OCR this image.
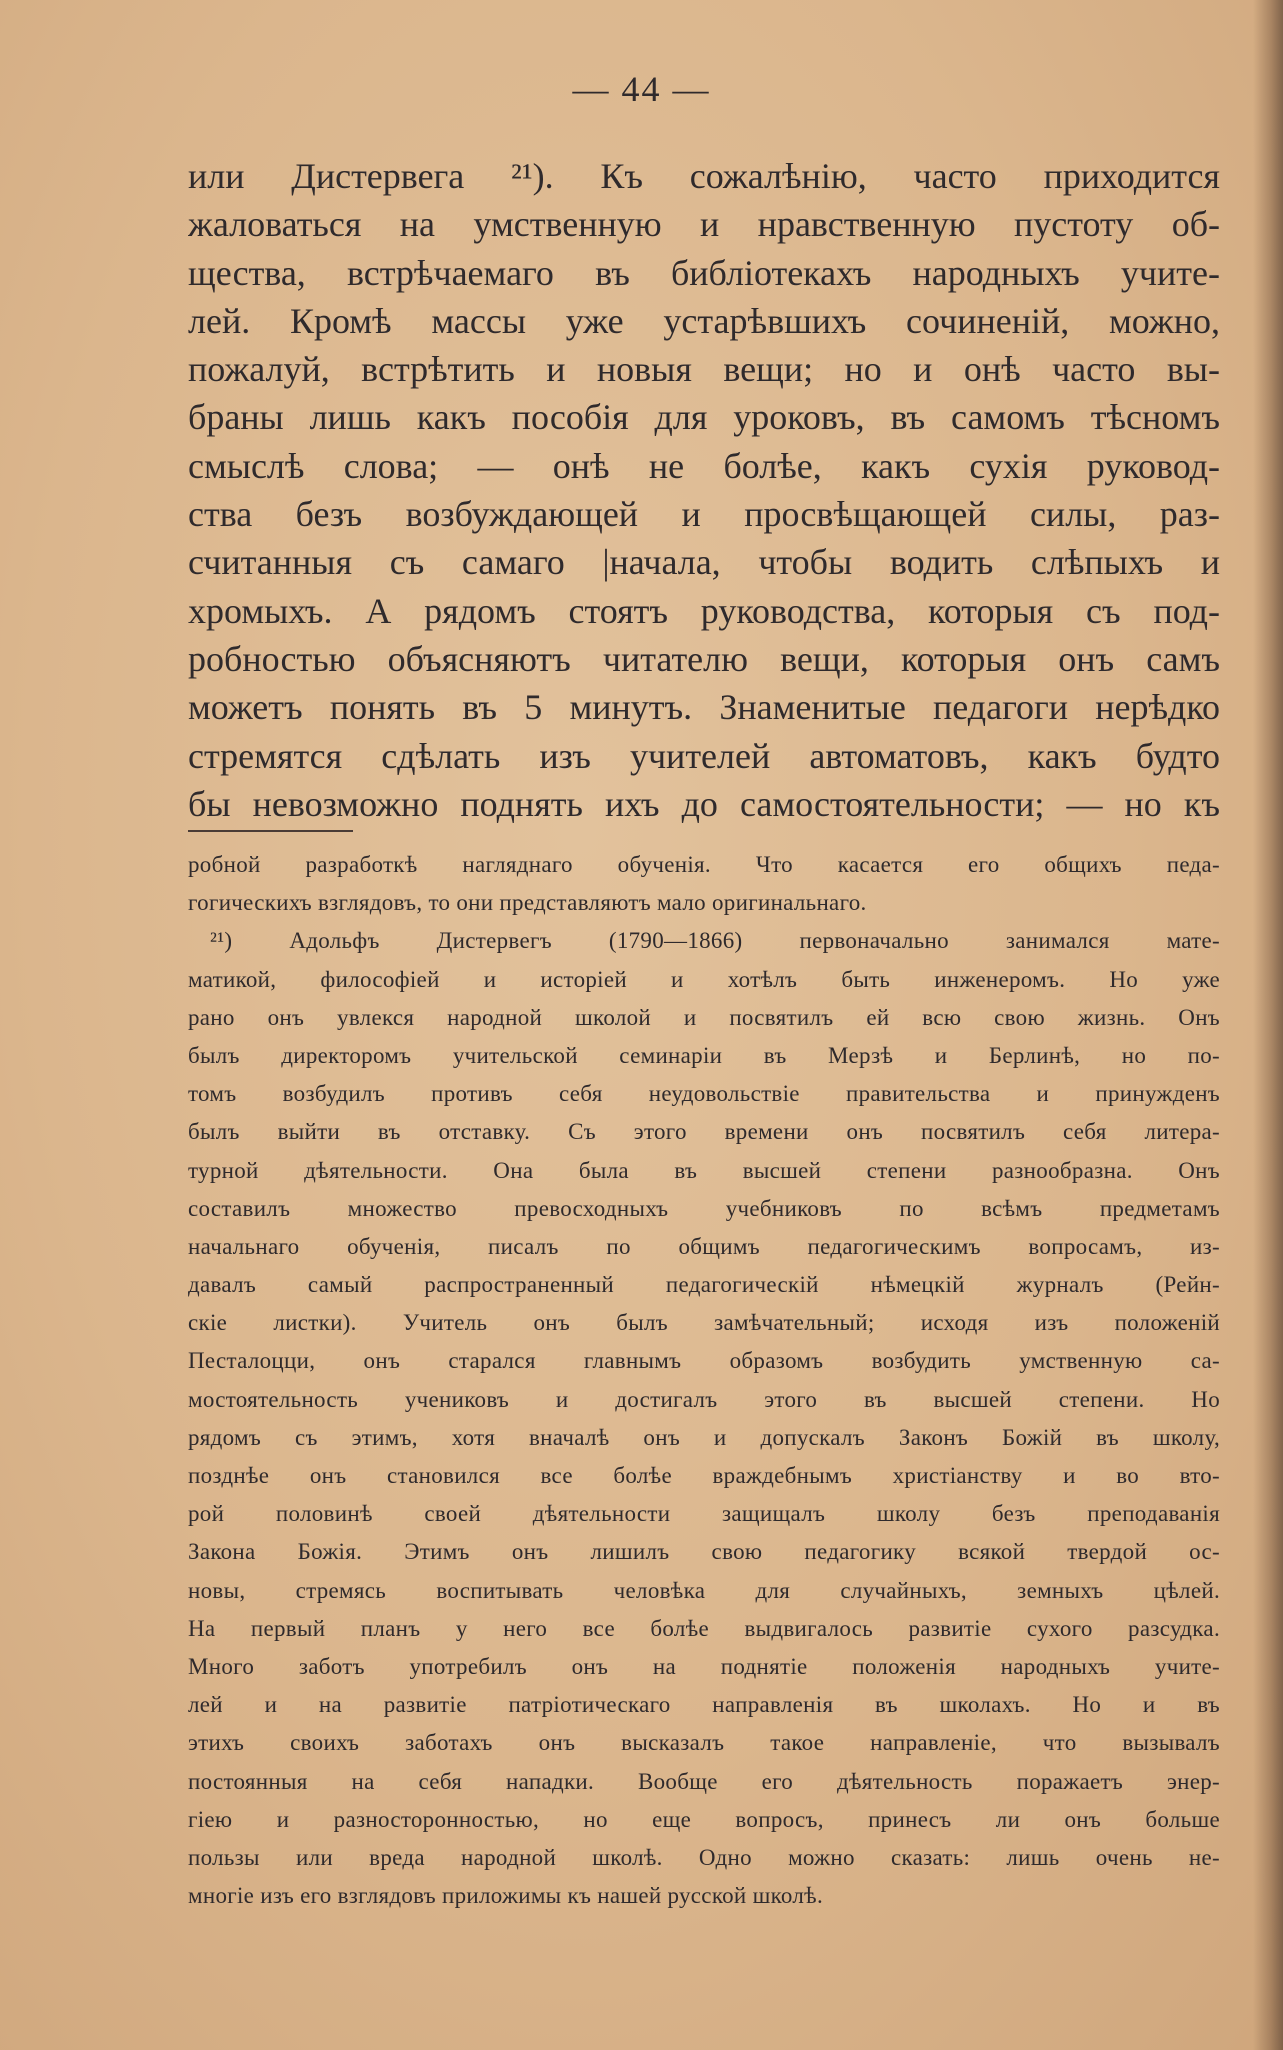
— 44 —
или Дистервега ²¹). Къ сожалѣнію, часто приходится
жаловаться на умственную и нравственную пустоту об-
щества, встрѣчаемаго въ библіотекахъ народныхъ учите-
лей. Кромѣ массы уже устарѣвшихъ сочиненій, можно,
пожалуй, встрѣтить и новыя вещи; но и онѣ часто вы-
браны лишь какъ пособія для уроковъ, въ самомъ тѣсномъ
смыслѣ слова; — онѣ не болѣе, какъ сухія руковод-
ства безъ возбуждающей и просвѣщающей силы, раз-
считанныя съ самаго |начала, чтобы водить слѣпыхъ и
хромыхъ. А рядомъ стоятъ руководства, которыя съ под-
робностью объясняютъ читателю вещи, которыя онъ самъ
можетъ понять въ 5 минутъ. Знаменитые педагоги нерѣдко
стремятся сдѣлать изъ учителей автоматовъ, какъ будто
бы невозможно поднять ихъ до самостоятельности; — но къ
робной разработкѣ нагляднаго обученія. Что касается его общихъ педа-
гогическихъ взглядовъ, то они представляютъ мало оригинальнаго.
²¹) Адольфъ Дистервегъ (1790—1866) первоначально занимался мате-
матикой, философіей и исторіей и хотѣлъ быть инженеромъ. Но уже
рано онъ увлекся народной школой и посвятилъ ей всю свою жизнь. Онъ
былъ директоромъ учительской семинаріи въ Мерзѣ и Берлинѣ, но по-
томъ возбудилъ противъ себя неудовольствіе правительства и принужденъ
былъ выйти въ отставку. Съ этого времени онъ посвятилъ себя литера-
турной дѣятельности. Она была въ высшей степени разнообразна. Онъ
составилъ множество превосходныхъ учебниковъ по всѣмъ предметамъ
начальнаго обученія, писалъ по общимъ педагогическимъ вопросамъ, из-
давалъ самый распространенный педагогическій нѣмецкій журналъ (Рейн-
скіе листки). Учитель онъ былъ замѣчательный; исходя изъ положеній
Песталоцци, онъ старался главнымъ образомъ возбудить умственную са-
мостоятельность учениковъ и достигалъ этого въ высшей степени. Но
рядомъ съ этимъ, хотя вначалѣ онъ и допускалъ Законъ Божій въ школу,
позднѣе онъ становился все болѣе враждебнымъ христіанству и во вто-
рой половинѣ своей дѣятельности защищалъ школу безъ преподаванія
Закона Божія. Этимъ онъ лишилъ свою педагогику всякой твердой ос-
новы, стремясь воспитывать человѣка для случайныхъ, земныхъ цѣлей.
На первый планъ у него все болѣе выдвигалось развитіе сухого разсудка.
Много заботъ употребилъ онъ на поднятіе положенія народныхъ учите-
лей и на развитіе патріотическаго направленія въ школахъ. Но и въ
этихъ своихъ заботахъ онъ высказалъ такое направленіе, что вызывалъ
постоянныя на себя нападки. Вообще его дѣятельность поражаетъ энер-
гіею и разносторонностью, но еще вопросъ, принесъ ли онъ больше
пользы или вреда народной школѣ. Одно можно сказать: лишь очень не-
многіе изъ его взглядовъ приложимы къ нашей русской школѣ.
